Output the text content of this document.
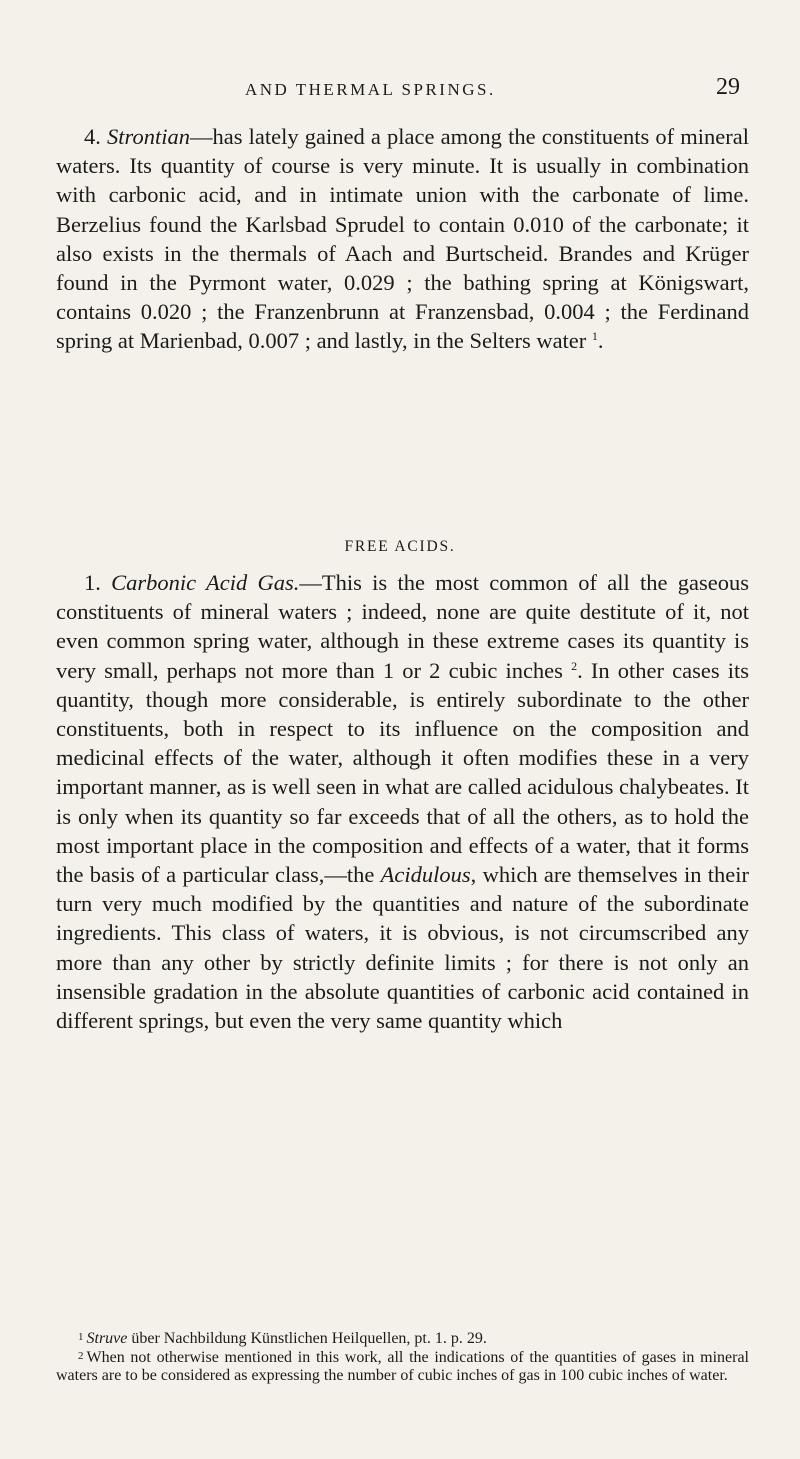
AND THERMAL SPRINGS.	29

4. Strontian—has lately gained a place among the constituents of mineral waters. Its quantity of course is very minute. It is usually in combination with carbonic acid, and in intimate union with the carbonate of lime. Berzelius found the Karlsbad Sprudel to contain 0.010 of the carbonate; it also exists in the thermals of Aach and Burtscheid. Brandes and Krüger found in the Pyrmont water, 0.029 ; the bathing spring at Königswart, contains 0.020 ; the Franzenbrunn at Franzensbad, 0.004 ; the Ferdinand spring at Marienbad, 0.007 ; and lastly, in the Selters water $^1$.

FREE ACIDS.

1. Carbonic Acid Gas.—This is the most common of all the gaseous constituents of mineral waters ; indeed, none are quite destitute of it, not even common spring water, although in these extreme cases its quantity is very small, perhaps not more than 1 or 2 cubic inches $^2$. In other cases its quantity, though more considerable, is entirely subordinate to the other constituents, both in respect to its influence on the composition and medicinal effects of the water, although it often modifies these in a very important manner, as is well seen in what are called acidulous chalybeates. It is only when its quantity so far exceeds that of all the others, as to hold the most important place in the composition and effects of a water, that it forms the basis of a particular class,—the Acidulous, which are themselves in their turn very much modified by the quantities and nature of the subordinate ingredients. This class of waters, it is obvious, is not circumscribed any more than any other by strictly definite limits ; for there is not only an insensible gradation in the absolute quantities of carbonic acid contained in different springs, but even the very same quantity which

$^1$ Struve über Nachbildung Künstlichen Heilquellen, pt. 1. p. 29.

$^2$ When not otherwise mentioned in this work, all the indications of the quantities of gases in mineral waters are to be considered as expressing the number of cubic inches of gas in 100 cubic inches of water.
